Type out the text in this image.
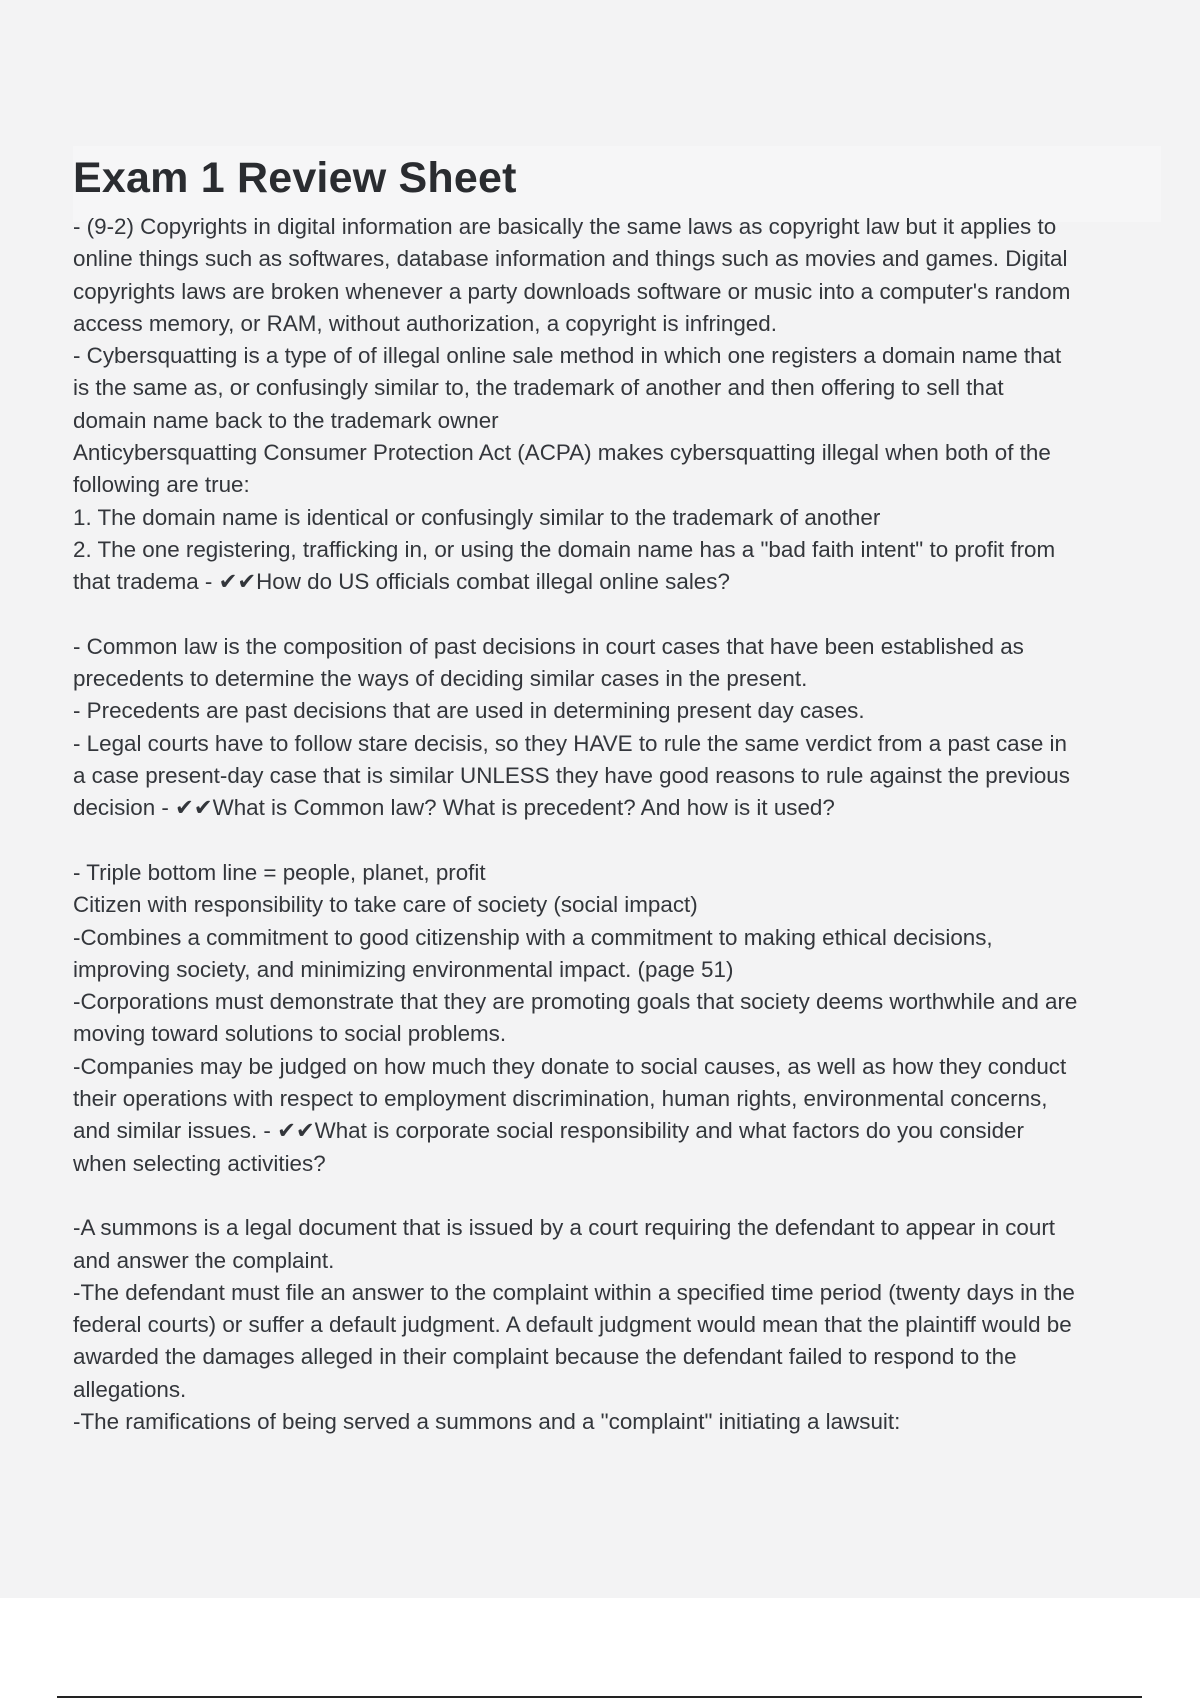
Exam 1 Review Sheet
- (9-2) Copyrights in digital information are basically the same laws as copyright law but it applies to
online things such as softwares, database information and things such as movies and games. Digital
copyrights laws are broken whenever a party downloads software or music into a computer's random
access memory, or RAM, without authorization, a copyright is infringed.
- Cybersquatting is a type of of illegal online sale method in which one registers a domain name that
is the same as, or confusingly similar to, the trademark of another and then offering to sell that
domain name back to the trademark owner
Anticybersquatting Consumer Protection Act (ACPA) makes cybersquatting illegal when both of the
following are true:
1. The domain name is identical or confusingly similar to the trademark of another
2. The one registering, trafficking in, or using the domain name has a "bad faith intent" to profit from
that tradema - ✔✔How do US officials combat illegal online sales?
- Common law is the composition of past decisions in court cases that have been established as
precedents to determine the ways of deciding similar cases in the present.
- Precedents are past decisions that are used in determining present day cases.
- Legal courts have to follow stare decisis, so they HAVE to rule the same verdict from a past case in
a case present-day case that is similar UNLESS they have good reasons to rule against the previous
decision - ✔✔What is Common law? What is precedent? And how is it used?
- Triple bottom line = people, planet, profit
Citizen with responsibility to take care of society (social impact)
-Combines a commitment to good citizenship with a commitment to making ethical decisions,
improving society, and minimizing environmental impact. (page 51)
-Corporations must demonstrate that they are promoting goals that society deems worthwhile and are
moving toward solutions to social problems.
-Companies may be judged on how much they donate to social causes, as well as how they conduct
their operations with respect to employment discrimination, human rights, environmental concerns,
and similar issues. - ✔✔What is corporate social responsibility and what factors do you consider
when selecting activities?
-A summons is a legal document that is issued by a court requiring the defendant to appear in court
and answer the complaint.
-The defendant must file an answer to the complaint within a specified time period (twenty days in the
federal courts) or suffer a default judgment. A default judgment would mean that the plaintiff would be
awarded the damages alleged in their complaint because the defendant failed to respond to the
allegations.
-The ramifications of being served a summons and a "complaint" initiating a lawsuit:
